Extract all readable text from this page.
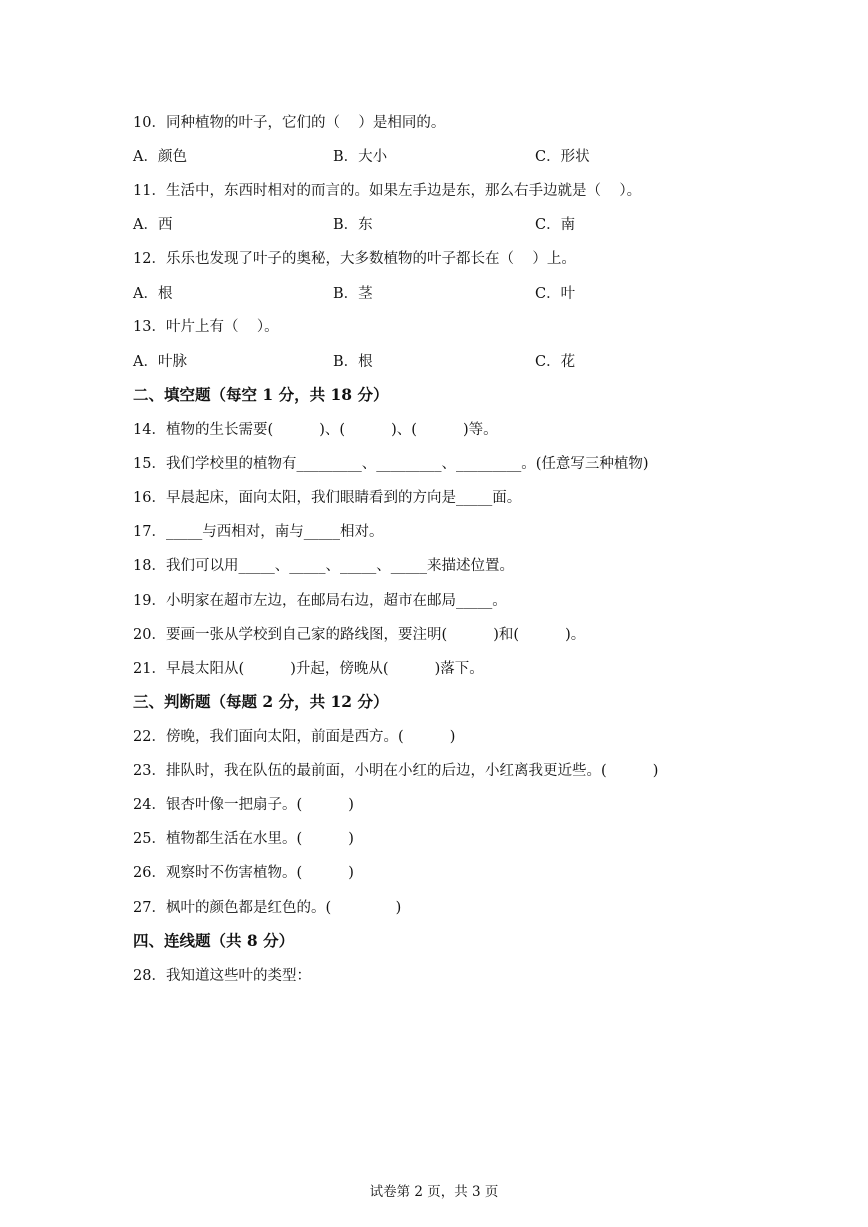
10．同种植物的叶子，它们的（    ）是相同的。
A．颜色	B．大小	C．形状
11．生活中，东西时相对的而言的。如果左手边是东，那么右手边就是（    ）。
A．西	B．东	C．南
12．乐乐也发现了叶子的奥秘，大多数植物的叶子都长在（    ）上。
A．根	B．茎	C．叶
13．叶片上有（    ）。
A．叶脉	B．根	C．花
二、填空题（每空 1 分，共 18 分）
14．植物的生长需要(          )、(          )、(          )等。
15．我们学校里的植物有_________、_________、_________。(任意写三种植物)
16．早晨起床，面向太阳，我们眼睛看到的方向是_____面。
17．_____与西相对，南与_____相对。
18．我们可以用_____、_____、_____、_____来描述位置。
19．小明家在超市左边，在邮局右边，超市在邮局_____。
20．要画一张从学校到自己家的路线图，要注明(          )和(          )。
21．早晨太阳从(          )升起，傍晚从(          )落下。
三、判断题（每题 2 分，共 12 分）
22．傍晚，我们面向太阳，前面是西方。(          )
23．排队时，我在队伍的最前面，小明在小红的后边，小红离我更近些。(          )
24．银杏叶像一把扇子。(          )
25．植物都生活在水里。(          )
26．观察时不伤害植物。(          )
27．枫叶的颜色都是红色的。(              )
四、连线题（共 8 分）
28．我知道这些叶的类型：
试卷第 2 页，共 3 页
